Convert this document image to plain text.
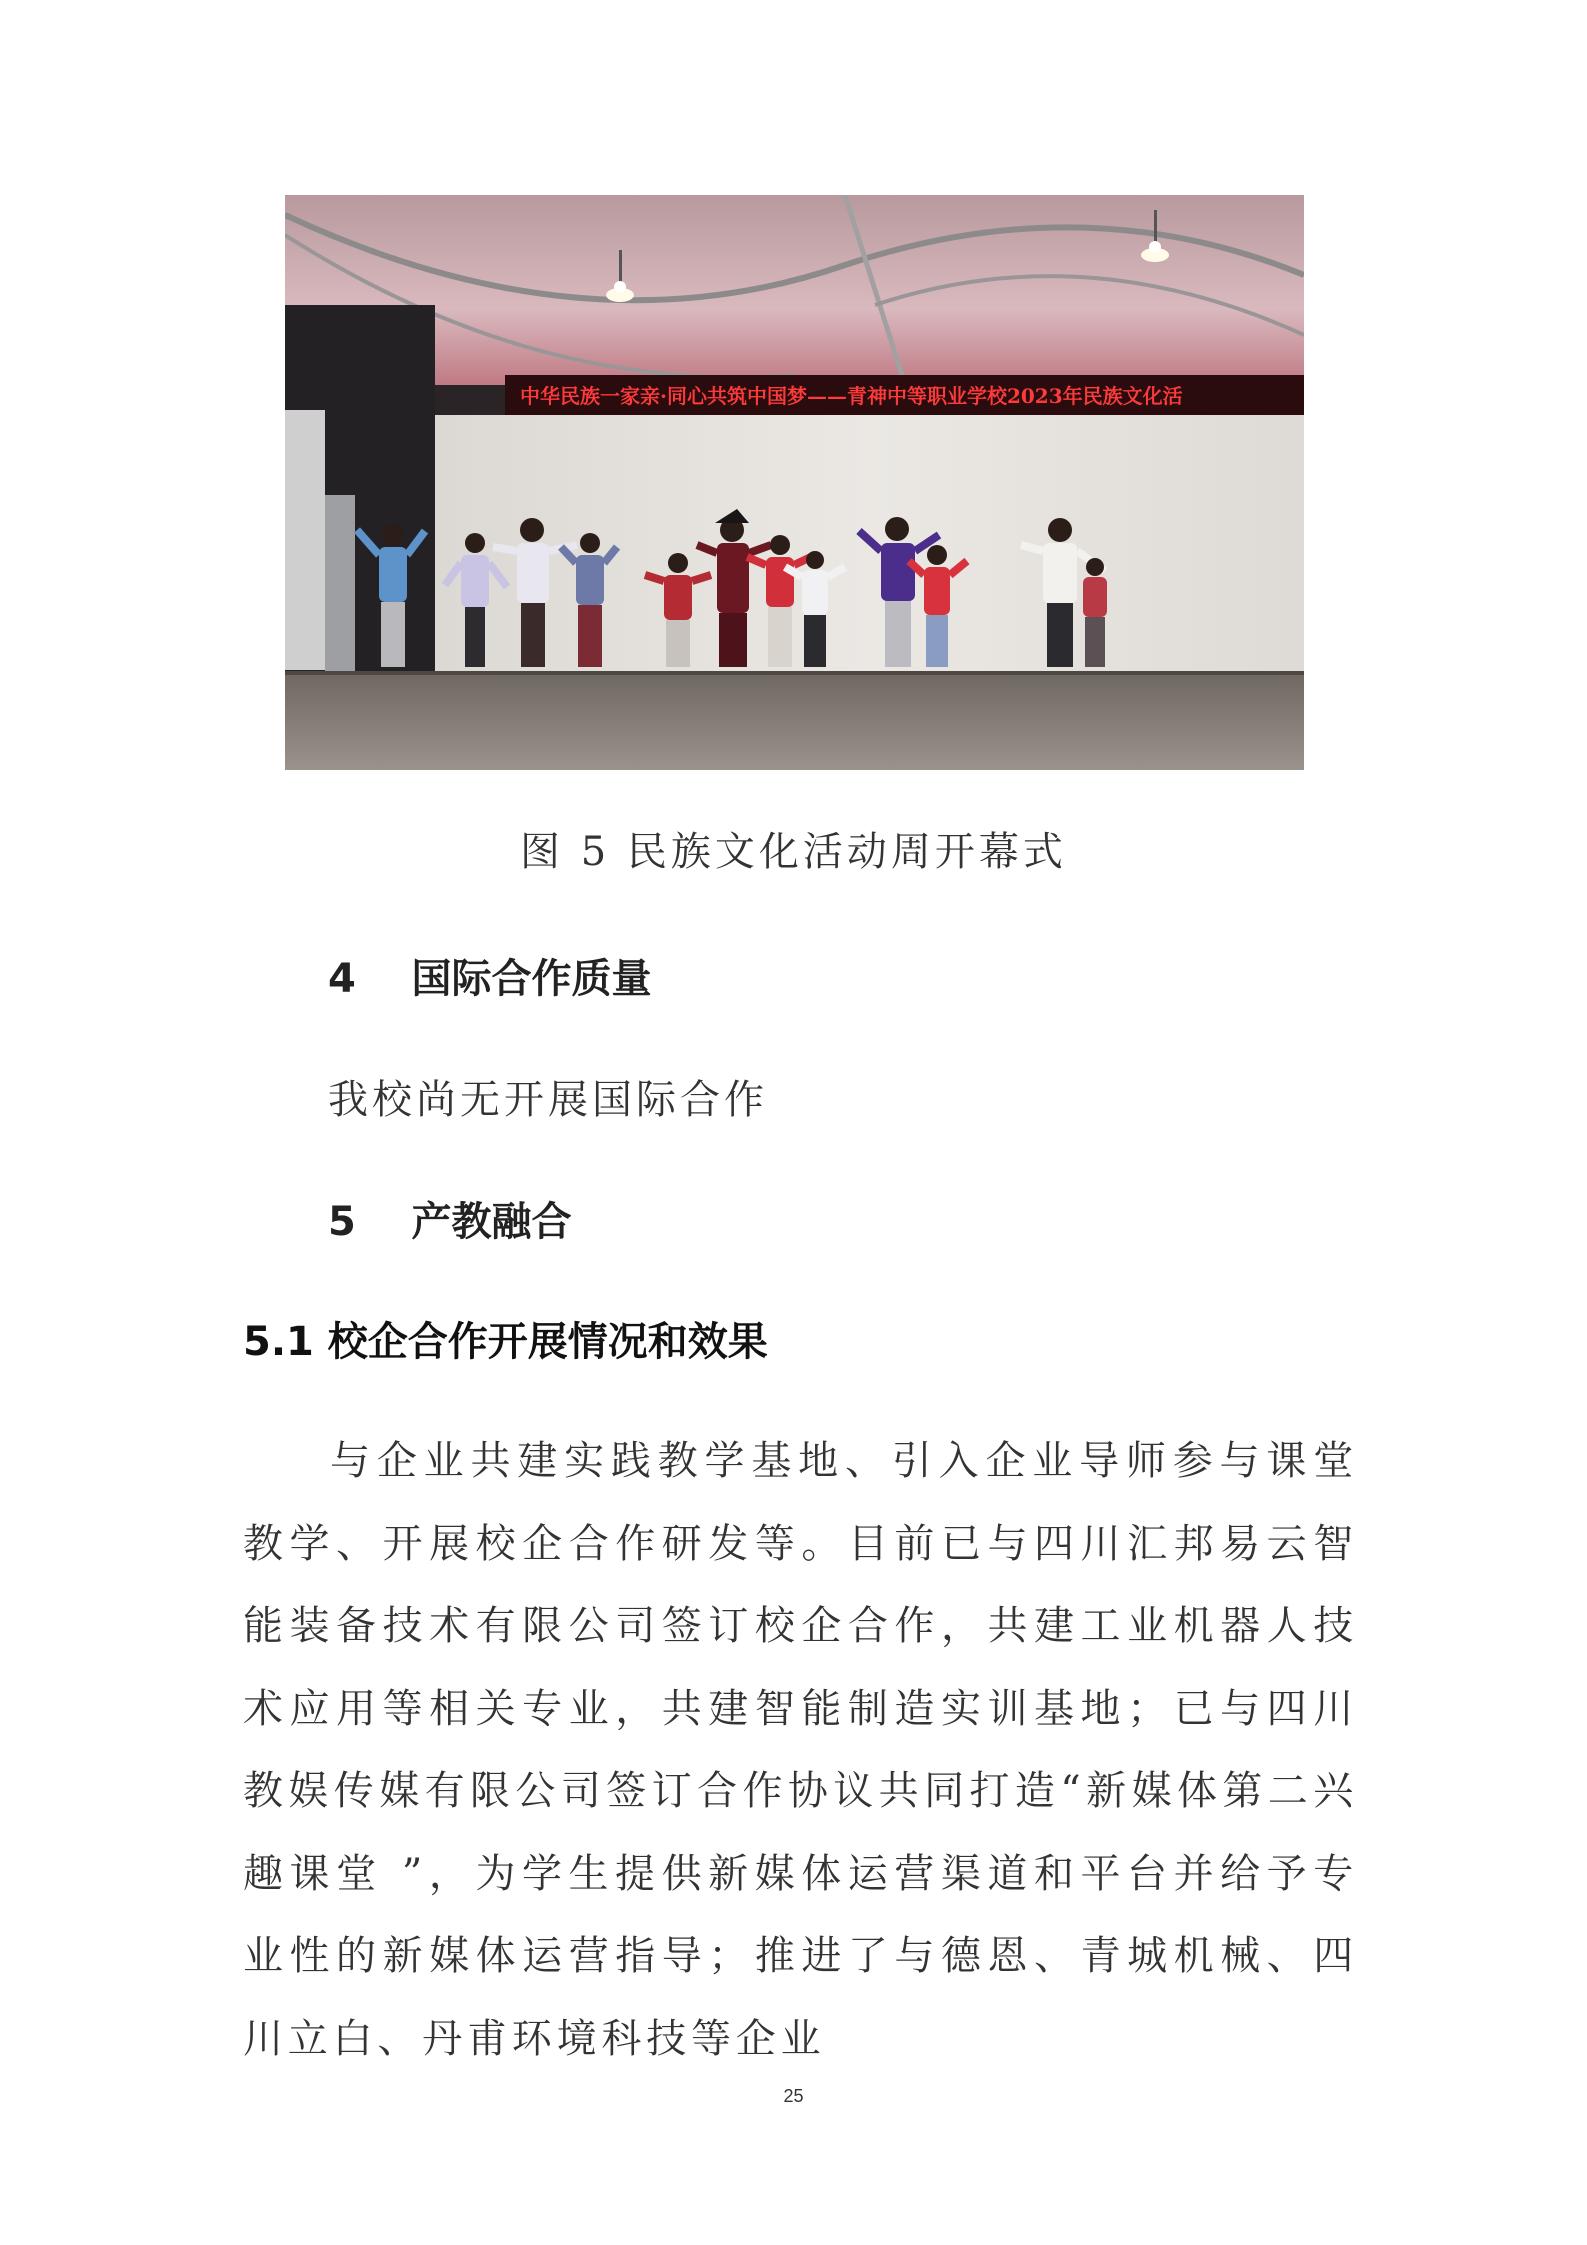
中华民族一家亲·同心共筑中国梦——青神中等职业学校2023年民族文化活
图 5 民族文化活动周开幕式
4 国际合作质量
我校尚无开展国际合作
5 产教融合
5.1 校企合作开展情况和效果

与企业共建实践教学基地、引入企业导师参与课堂教学、开展校企合作研发等。目前已与四川汇邦易云智能装备技术有限公司签订校企合作，共建工业机器人技术应用等相关专业，共建智能制造实训基地；已与四川教娱传媒有限公司签订合作协议共同打造“新媒体第二兴趣课堂 ”，为学生提供新媒体运营渠道和平台并给予专业性的新媒体运营指导；推进了与德恩、青城机械、四川立白、丹甫环境科技等企业

25
